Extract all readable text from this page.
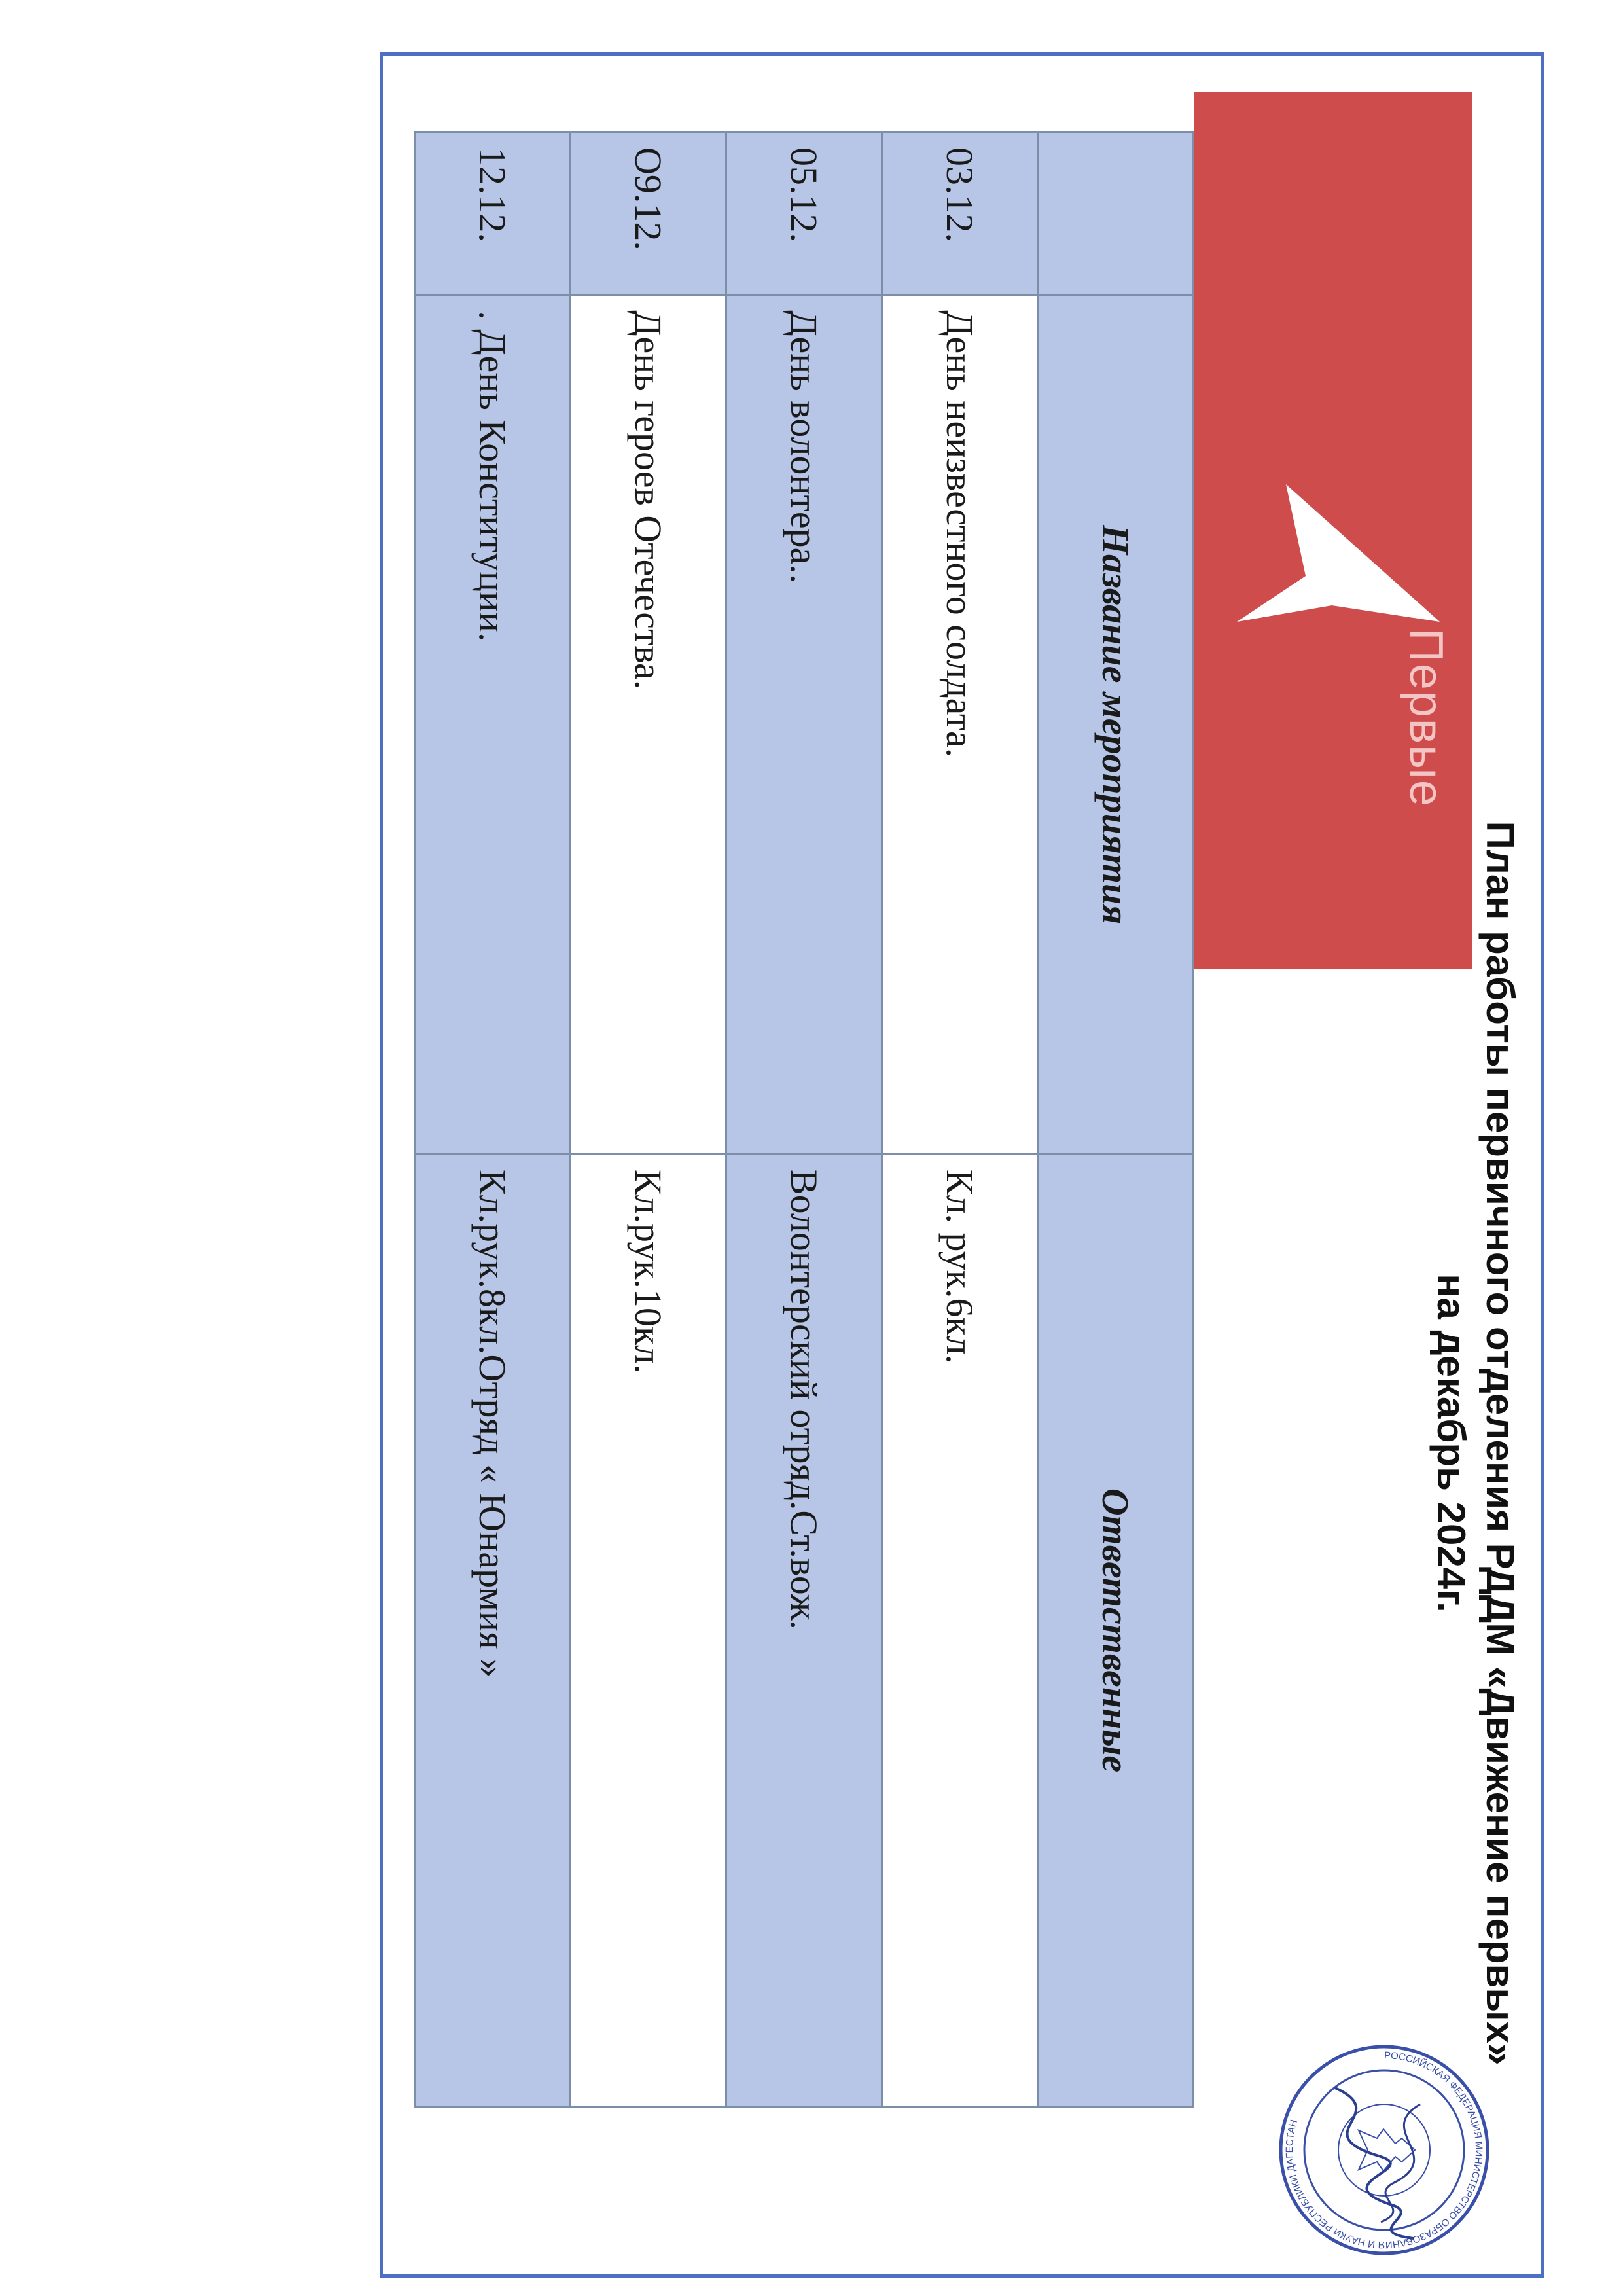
Первые
План работы первичного отделения РДДМ «Движение первых»
на декабрь 2024г.
	Название мероприятия	Ответственные
03.12.	День неизвестного солдата.	Кл. рук.6кл.
05.12.	День волонтера..	Волонтерский отряд.Ст.вож.
О9.12.	День героев Отечества.	Кл.рук.10кл.
12.12.	. День Конституции.	Кл.рук.8кл.Отряд « Юнармия »
РОССИЙСКАЯ ФЕДЕРАЦИЯ МИНИСТЕРСТВО ОБРАЗОВАНИЯ И НАУКИ РЕСПУБЛИКИ ДАГЕСТАН
